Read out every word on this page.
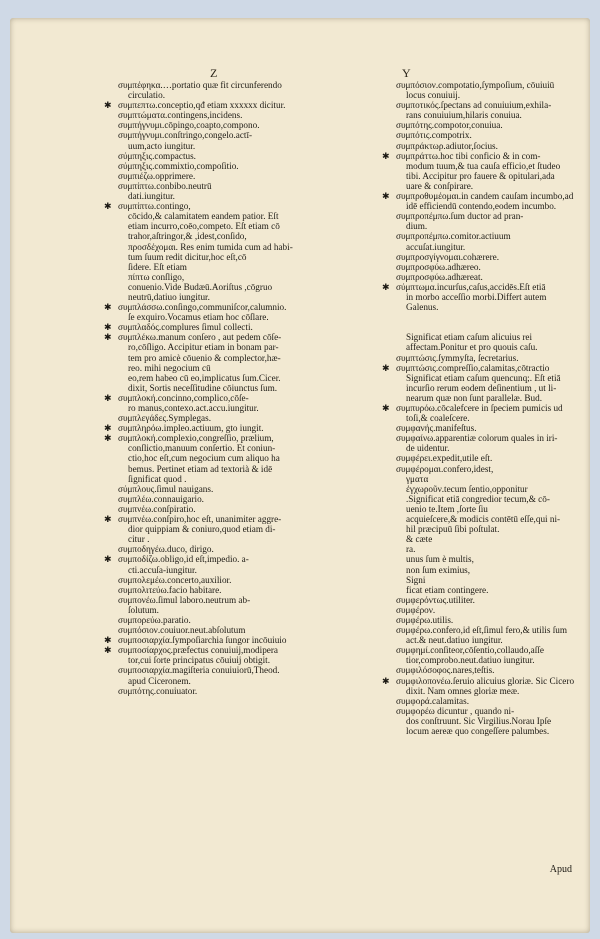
Z	Y
συμπέφηκα.…portatio quæ fit circunferendo
circulatio.
✱ συμπεπτω.conceptio,qđ etiam xxxxxx dicitur.
συμπτώματα.contingens,incidens.
συμπήγνυμι.cōpingo,coapto,compono.
συμπήγνυμι.conſtringo,congelo.actī-
uum,acto iungitur.
σύμπηξις.compactus.
σύμπηξις.commixtio,compoſitio.
συμπιέζω.opprimere.
συμπίπτω.conbibo.neutrū
dati.iungitur.
✱ συμπίπτω.contingo,
cōcido,& calamitatem eandem patior. Eſt
etiam incurro,coēo,competo. Eſt etiam cō
trahor,aſtringor,& ,idest,conſido,
προσδέχομαι. Res enim tumida cum ad habi-
tum ſuum redit dicitur,hoc eſt,cō
ſidere. Eſt etiam
πίπτω conſligo,
conuenio.Vide Budæū.Aoriſtus ,cōgruo
neutrū,datiuo iungitur.
✱ συμπλάσσω.conſingo,communiſcor,calumnio.
ſe exquiro.Vocamus etiam hoc cōſlare.
✱ συμπλαδός.complures ſimul collecti.
✱ συμπλέκω.manum conſero , aut pedem cōſe-
ro,cōſligo. Accipitur etiam in bonam par-
tem pro amicè cōuenio & complector,hæ-
reo. mihi negocium cū
eo,rem habeo cū eo,implicatus ſum.Cicer.
dixit, Sortis neceſſitudine cōiunctus ſum.
✱ συμπλοκή.concinno,complico,cōſe-
ro manus,contexo.act.accu.iungitur.
συμπλεγάδες.Symplegas.
✱ συμπληρόω.impleo.actiuum, gto iungit.
✱ συμπλοκή.complexio,congreſſio, prælium,
conſlictio,manuum conſertio. Et coniun-
ctio,hoc eſt,cum negocium cum aliquo ha
bemus. Pertinet etiam ad textorià & idē
ſignificat quod .
σύμπλους.ſimul nauigans.
συμπλέω.connauigario.
συμπνέω.conſpiratio.
✱ συμπνέω.conſpiro,hoc eſt, unanimiter aggre-
dior quippiam & coniuro,quod etiam di-
citur .
συμποδηγέω.duco, dirigo.
✱ συμποδίζω.obligo,id eſt,impedio. a-
cti.accuſa-iungitur.
συμπολεμέω.concerto,auxilior.
συμπολιτεύω.facio habitare.
συμπονέω.ſimul laboro.neutrum ab-
ſolutum.
συμπορεύω.paratio.
συμπόσιον.couiuor.neut.abſolutum
✱ συμποσιαρχία.ſympoſiarchia ſungor incōuiuio
✱ συμποσίαρχος.præfectus conuiuij,modipera
tor,cui ſorte principatus cōuiuij obtigit.
συμποσιαρχία.magiſteria conuiuiorū,Theod.
apud Ciceronem.
συμπότης.conuiuator.
συμπόσιον.compotatio,ſympoſium, cōuiuiū
locus conuiuij.
συμποτικός.ſpectans ad conuiuium,exhila-
rans conuiuium,hilaris conuiua.
συμπότης.compotor,conuiua.
συμπότις.compotrix.
συμπράκτωρ.adiutor,ſocius.
✱ συμπράττω.hoc tibi conficio & in com-
modum tuum,& tua cauſa efficio,et ſtudeo
tibi. Accipitur pro fauere & opitulari,ada
uare & conſpirare.
✱ συμπροθυμέομαι.in candem cauſam incumbo,ad
idē efficiendū contendo,eodem incumbo.
συμπροπέμπω.ſum ductor ad pran-
dium.
συμπροπέμπω.comitor.actiuum
accuſat.iungitur.
συμπροσγίγνομαι.cohærere.
συμπροσφύω.adhæreo.
συμπροσφύω.adhæreat.
✱ σύμπτωμα.incurſus,caſus,accidēs.Eſt etiā
in morbo acceſſio morbi.Differt autem
Galenus.

Significat etiam caſum alicuius rei
affectam.Ponitur et pro quouis caſu.
συμπτώσις.ſymmyſta, ſecretarius.
✱ συμπτώσις.compreſſio,calamitas,cōtractio
Significat etiam caſum quencunq;. Eſt etiā
incurſio rerum eodem deſinentium , ut li-
nearum quæ non ſunt parallelæ. Bud.
✱ συμπυρόω.cōcalefcere in ſpeciem pumicis ud
toſi,& coaleſcere.
συμφανής.manifeſtus.
συμφαίνω.apparentiæ colorum quales in iri-
de uidentur.
συμφέρει.expedit,utile eſt.
συμφέρομαι.confero,idest,
γματα
ἐγχωροῦν.tecum ſentio,opponitur
.Significat etiā congredior tecum,& cō-
uenio te.Item ,ſorte ſiu
acquieſcere,& modicis contētū eſſe,qui ni-
hil præcipuū ſibi poſtulat.
& cæte
ra.
unus ſum è multis,
non ſum eximius,
Signi
ficat etiam contingere.
συμφερόντως.utiliter.
συμφέρον.
συμφέρω.utilis.
συμφέρω.confero,id eſt,ſimul fero,& utilis ſum
act.& neut.datiuo iungitur.
συμφημί.conſiteor,cōſentio,collaudo,aſſe
tior,comprobo.neut.datiuo iungitur.
συμφιλόσοφος.nares,teſtis.
✱ συμφιλοπονέω.ſeruio alicuius gloriæ. Sic Cicero
dixit. Nam omnes gloriæ meæ.
συμφορά.calamitas.
συμφορέω dicuntur , quando ni-
dos conſtruunt. Sic Virgilius.Norau Ipſe
locum aereæ quo congeſſere palumbes.
Apud
